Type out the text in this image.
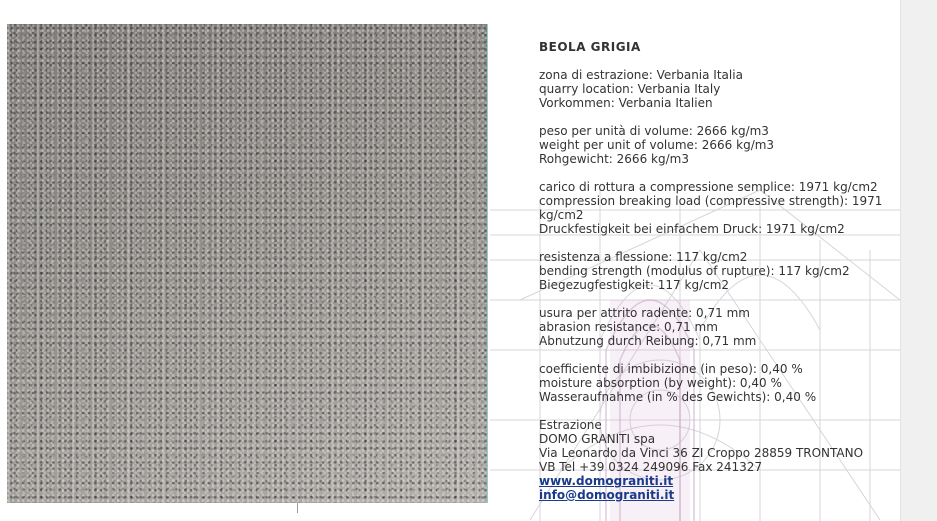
BEOLA GRIGIA
zona di estrazione: Verbania Italia
quarry location: Verbania Italy
Vorkommen: Verbania Italien
peso per unità di volume: 2666 kg/m3
weight per unit of volume: 2666 kg/m3
Rohgewicht: 2666 kg/m3
carico di rottura a compressione semplice: 1971 kg/cm2
compression breaking load (compressive strength): 1971 kg/cm2
Druckfestigkeit bei einfachem Druck: 1971 kg/cm2
resistenza a flessione: 117 kg/cm2
bending strength (modulus of rupture): 117 kg/cm2
Biegezugfestigkeit: 117 kg/cm2
usura per attrito radente: 0,71 mm
abrasion resistance: 0,71 mm
Abnutzung durch Reibung: 0,71 mm
coefficiente di imbibizione (in peso): 0,40 %
moisture absorption (by weight): 0,40 %
Wasseraufnahme (in % des Gewichts): 0,40 %
Estrazione
DOMO GRANITI spa
Via Leonardo da Vinci 36 ZI Croppo 28859 TRONTANO
VB Tel +39 0324 249096 Fax 241327
www.domograniti.it
info@domograniti.it
